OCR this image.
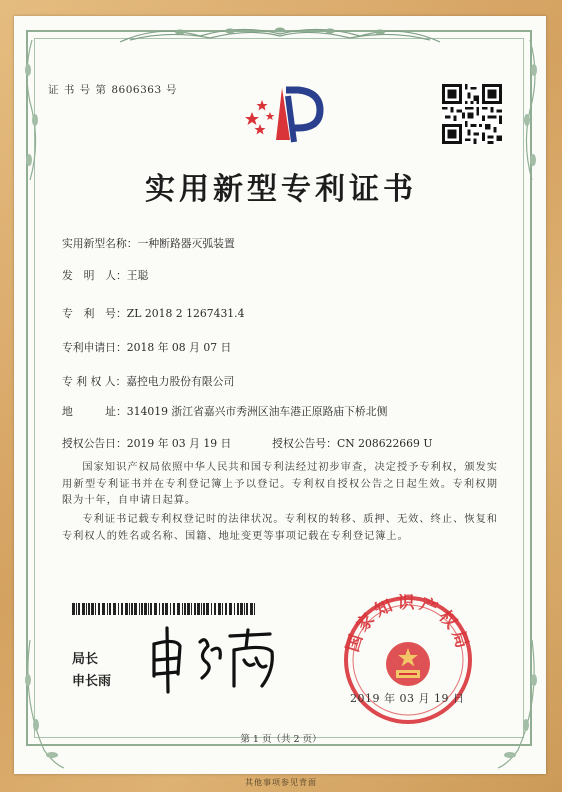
证 书 号 第 8606363 号
实用新型专利证书
实用新型名称：一种断路器灭弧装置
发　明　人：王聪
专　利　号：ZL 2018 2 1267431.4
专利申请日：2018 年 08 月 07 日
专 利 权 人：嘉控电力股份有限公司
地　　　址：314019 浙江省嘉兴市秀洲区油车港正原路庙下桥北侧
授权公告日：2019 年 03 月 19 日	授权公告号：CN 208622669 U
国家知识产权局依照中华人民共和国专利法经过初步审查，决定授予专利权，颁发实用新型专利证书并在专利登记簿上予以登记。专利权自授权公告之日起生效。专利权期限为十年，自申请日起算。
专利证书记载专利权登记时的法律状况。专利权的转移、质押、无效、终止、恢复和专利权人的姓名或名称、国籍、地址变更等事项记载在专利登记簿上。
局长
申长雨
国家知识产权局
2019 年 03 月 19 日
第 1 页（共 2 页）
其他事项参见背面
